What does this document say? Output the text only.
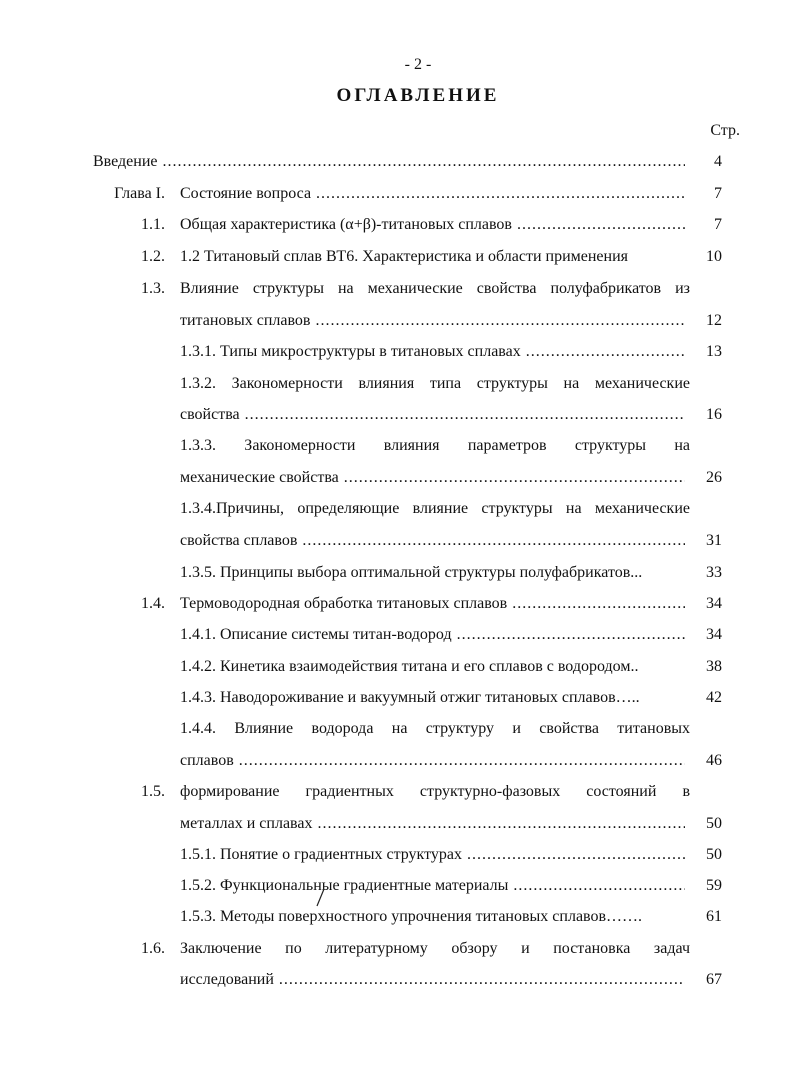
- 2 -
ОГЛАВЛЕНИЕ
Стр.
Введение .....	4
Глава I. Состояние вопроса .....	7
1.1. Общая характеристика (α+β)-титановых сплавов .....	7
1.2. 1.2 Титановый сплав ВТ6. Характеристика и области применения	10
1.3. Влияние структуры на механические свойства полуфабрикатов из
титановых сплавов .....	12
1.3.1. Типы микроструктуры в титановых сплавах .....	13
1.3.2. Закономерности влияния типа структуры на механические
свойства .....	16
1.3.3. Закономерности влияния параметров структуры на
механические свойства .....	26
1.3.4.Причины, определяющие влияние структуры на механические
свойства сплавов .....	31
1.3.5. Принципы выбора оптимальной структуры полуфабрикатов...	33
1.4. Термоводородная обработка титановых сплавов .....	34
1.4.1. Описание системы титан-водород .....	34
1.4.2. Кинетика взаимодействия титана и его сплавов с водородом..	38
1.4.3. Наводороживание и вакуумный отжиг титановых сплавов…..	42
1.4.4. Влияние водорода на структуру и свойства титановых
сплавов .....	46
1.5. формирование градиентных структурно-фазовых состояний в
металлах и сплавах .....	50
1.5.1. Понятие о градиентных структурах .....	50
1.5.2. Функциональные градиентные материалы .....	59
1.5.3. Методы поверхностного упрочнения титановых сплавов…….	61
1.6. Заключение по литературному обзору и постановка задач
исследований .....	67
